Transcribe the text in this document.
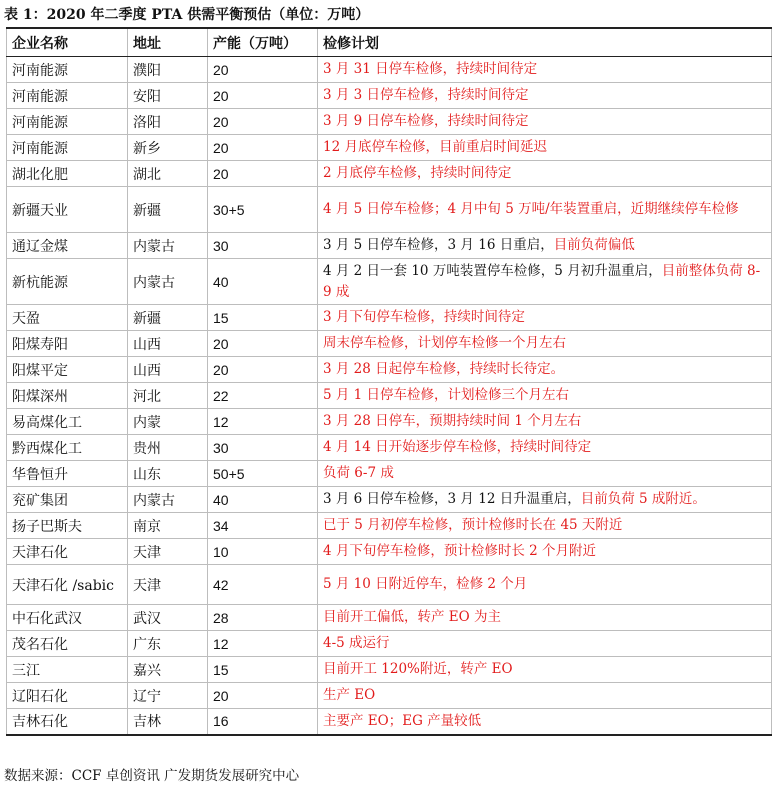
表 1：2020 年二季度 PTA 供需平衡预估（单位：万吨）
企业名称	地址	产能（万吨）	检修计划
河南能源	濮阳	20	3 月 31 日停车检修，持续时间待定
河南能源	安阳	20	3 月 3 日停车检修，持续时间待定
河南能源	洛阳	20	3 月 9 日停车检修，持续时间待定
河南能源	新乡	20	12 月底停车检修，目前重启时间延迟
湖北化肥	湖北	20	2 月底停车检修，持续时间待定
新疆天业	新疆	30+5	4 月 5 日停车检修；4 月中旬 5 万吨/年装置重启，近期继续停车检修
通辽金煤	内蒙古	30	3 月 5 日停车检修，3 月 16 日重启，目前负荷偏低
新杭能源	内蒙古	40	4 月 2 日一套 10 万吨装置停车检修，5 月初升温重启，目前整体负荷 8-9 成
天盈	新疆	15	3 月下旬停车检修，持续时间待定
阳煤寿阳	山西	20	周末停车检修，计划停车检修一个月左右
阳煤平定	山西	20	3 月 28 日起停车检修，持续时长待定。
阳煤深州	河北	22	5 月 1 日停车检修，计划检修三个月左右
易高煤化工	内蒙	12	3 月 28 日停车，预期持续时间 1 个月左右
黔西煤化工	贵州	30	4 月 14 日开始逐步停车检修，持续时间待定
华鲁恒升	山东	50+5	负荷 6-7 成
兖矿集团	内蒙古	40	3 月 6 日停车检修，3 月 12 日升温重启，目前负荷 5 成附近。
扬子巴斯夫	南京	34	已于 5 月初停车检修，预计检修时长在 45 天附近
天津石化	天津	10	4 月下旬停车检修，预计检修时长 2 个月附近
天津石化 /sabic	天津	42	5 月 10 日附近停车，检修 2 个月
中石化武汉	武汉	28	目前开工偏低，转产 EO 为主
茂名石化	广东	12	4-5 成运行
三江	嘉兴	15	目前开工 120%附近，转产 EO
辽阳石化	辽宁	20	生产 EO
吉林石化	吉林	16	主要产 EO；EG 产量较低
数据来源：CCF 卓创资讯 广发期货发展研究中心
